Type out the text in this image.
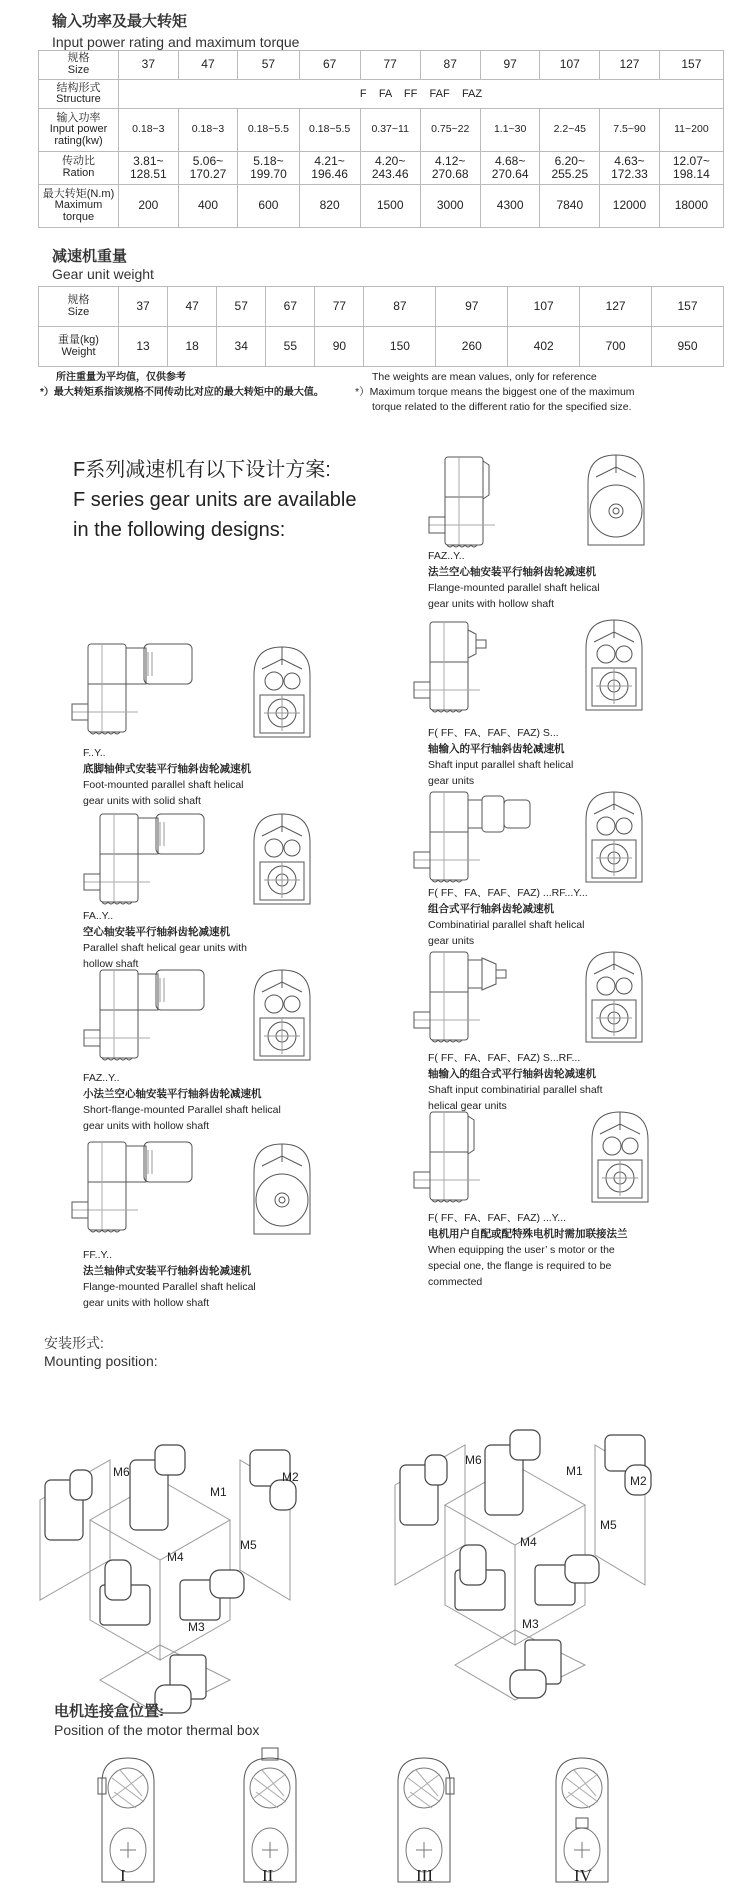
输入功率及最大转矩
Input power rating and maximum torque
规格
Size	37	47	57	67	77	87	97	107	127	157

结构形式
Structure	F    FA    FF    FAF    FAZ									

输入功率
Input power rating(kw)	0.18~3	0.18~3	0.18~5.5	0.18~5.5	0.37~11	0.75~22	1.1~30	2.2~45	7.5~90	11~200

传动比
Ration	3.81~ 128.51	5.06~ 170.27	5.18~ 199.70	4.21~ 196.46	4.20~ 243.46	4.12~ 270.68	4.68~ 270.64	6.20~ 255.25	4.63~ 172.33	12.07~ 198.14

最大转矩(N.m)
Maximum torque	200	400	600	820	1500	3000	4300	7840	12000	18000
减速机重量
Gear unit weight
规格
Size	37	47	57	67	77	87	97	107	127	157

重量(kg)
Weight	13	18	34	55	90	150	260	402	700	950
所注重量为平均值，仅供参考
*）最大转矩系指该规格不同传动比对应的最大转矩中的最大值。
The weights are mean values, only for reference
*）Maximum torque means the biggest one of the maximum
torque related to the different ratio for the specified size.
F系列减速机有以下设计方案:
F series gear units are available
in the following designs:
FAZ..Y..
法兰空心轴安装平行轴斜齿轮减速机
Flange-mounted parallel shaft helical
gear units with hollow shaft
F..Y..
底脚轴伸式安装平行轴斜齿轮减速机
Foot-mounted parallel shaft helical
gear units with solid shaft
F( FF、FA、FAF、FAZ) S...
轴输入的平行轴斜齿轮减速机
Shaft input parallel shaft helical
gear units
FA..Y..
空心轴安装平行轴斜齿轮减速机
Parallel shaft helical gear units with
hollow shaft
F( FF、FA、FAF、FAZ) ...RF...Y...
组合式平行轴斜齿轮减速机
Combinatirial parallel shaft helical
gear units
FAZ..Y..
小法兰空心轴安装平行轴斜齿轮减速机
Short-flange-mounted Parallel shaft helical
gear units with hollow shaft
F( FF、FA、FAF、FAZ) S...RF...
轴输入的组合式平行轴斜齿轮减速机
Shaft input combinatirial parallel shaft
helical gear units
FF..Y..
法兰轴伸式安装平行轴斜齿轮减速机
Flange-mounted Parallel shaft helical
gear units with hollow shaft
F( FF、FA、FAF、FAZ) ...Y...
电机用户自配或配特殊电机时需加联接法兰
When equipping the user’ s motor or the
special one, the flange is required to be
commected
安装形式:
Mounting position:
M1
M2
M3
M4
M5
M6	M1
M2
M3
M4
M5
M6
电机连接盒位置:
Position of the motor thermal box
I	II	III	IV
